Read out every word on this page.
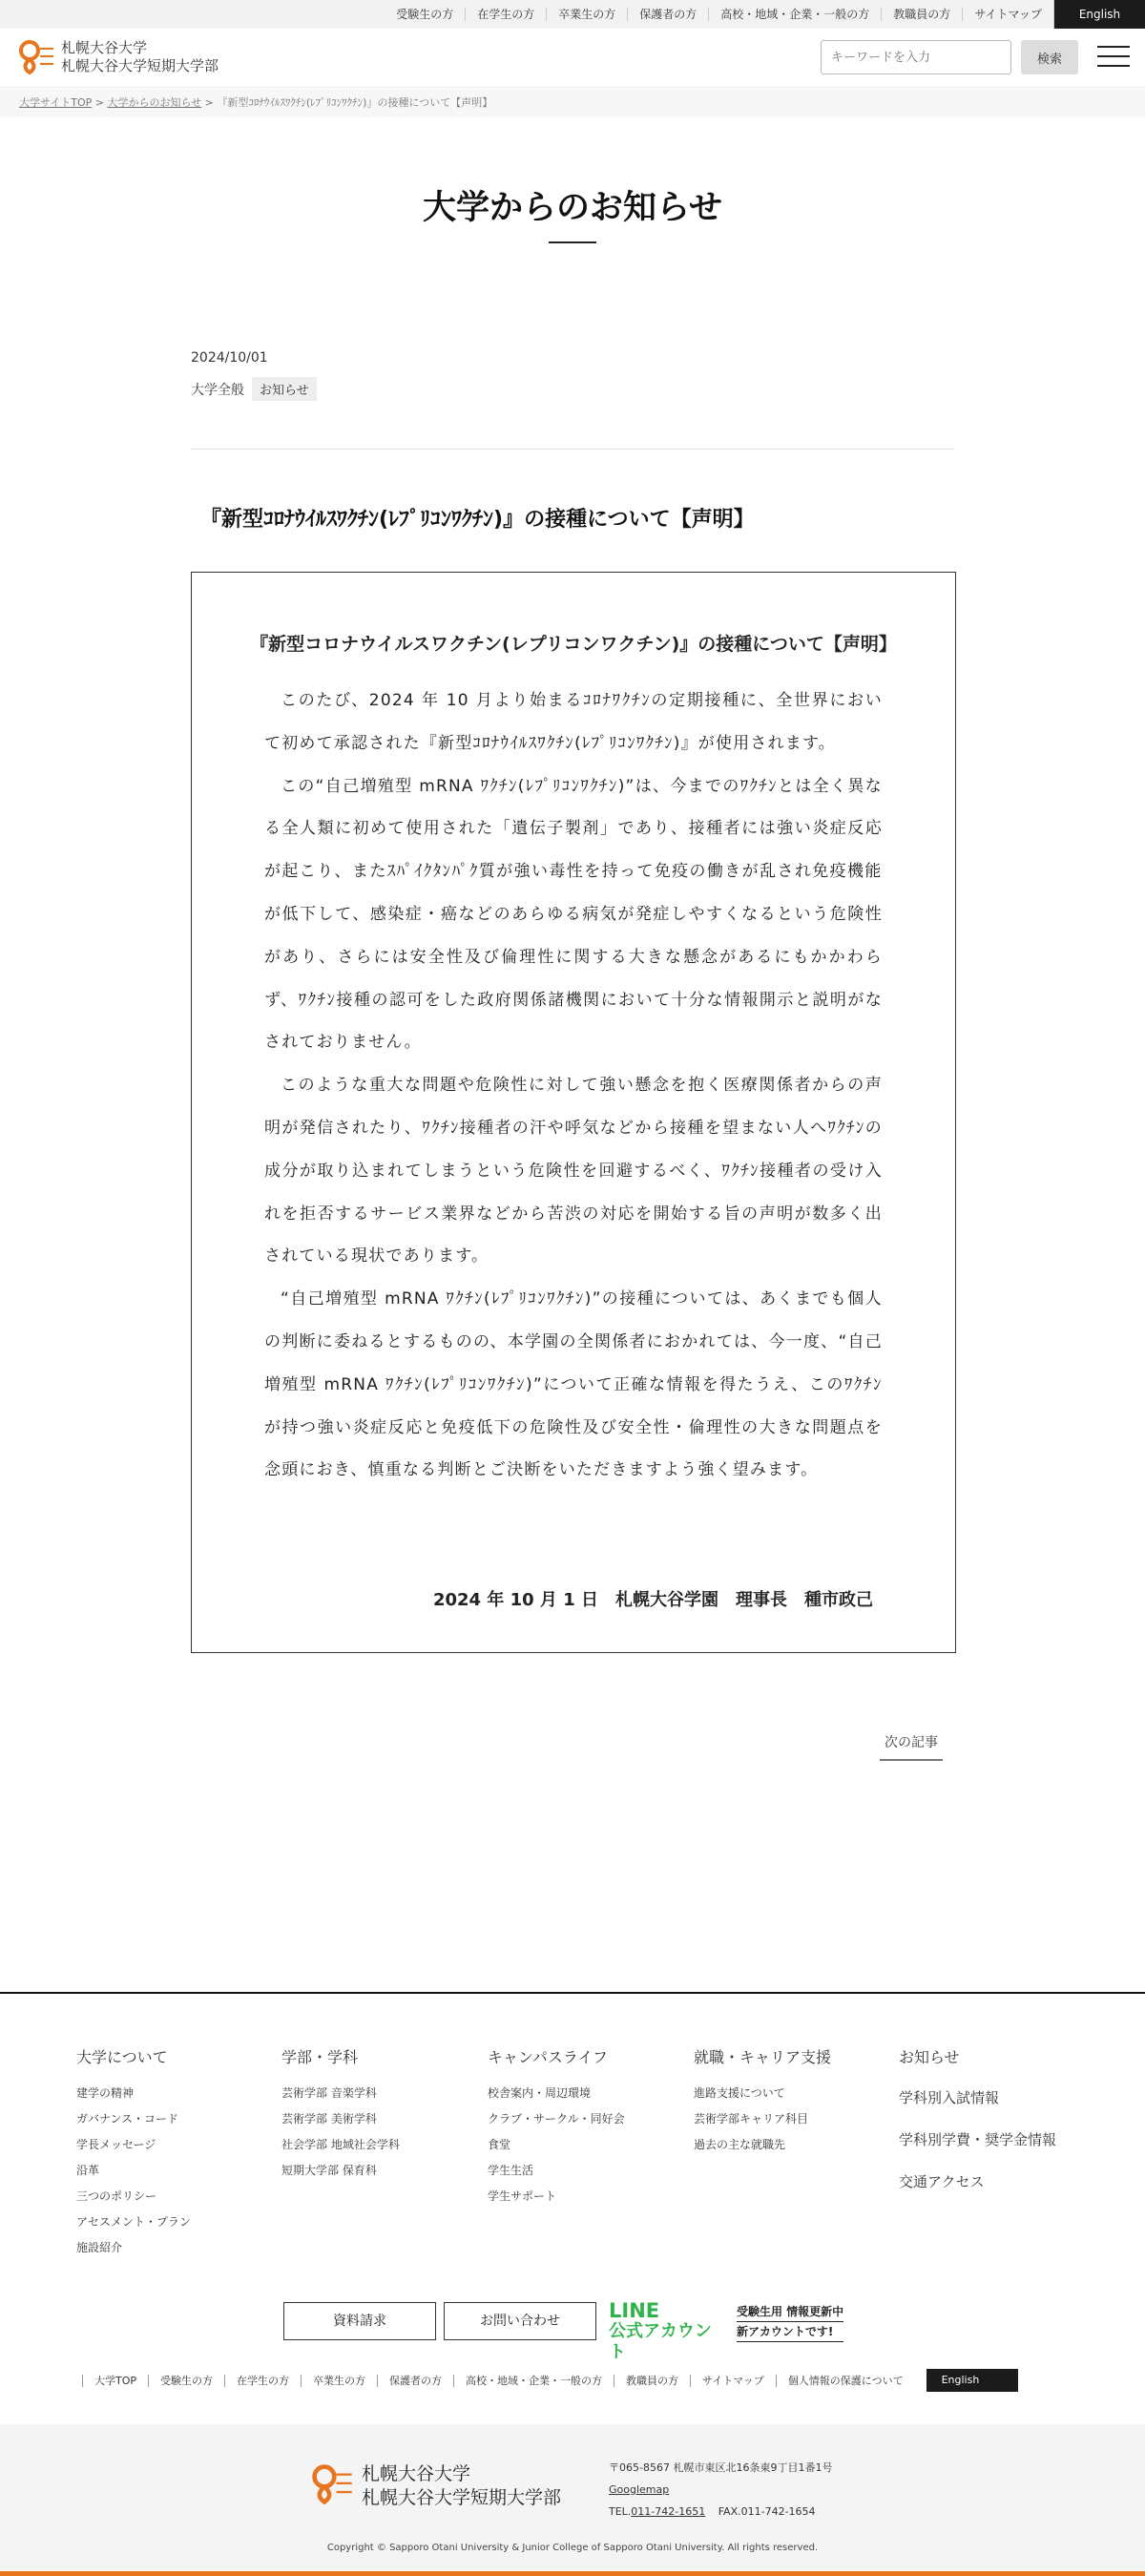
受験生の方	在学生の方	卒業生の方	保護者の方	高校・地域・企業・一般の方	教職員の方	サイトマップ	English
札幌大谷大学
札幌大谷大学短期大学部
キーワードを入力	検索
大学サイトTOP > 大学からのお知らせ > 『新型ｺﾛﾅｳｲﾙｽﾜｸﾁﾝ(ﾚﾌﾟﾘｺﾝﾜｸﾁﾝ)』の接種について【声明】
大学からのお知らせ
2024/10/01
大学全般	お知らせ
『新型ｺﾛﾅｳｲﾙｽﾜｸﾁﾝ(ﾚﾌﾟﾘｺﾝﾜｸﾁﾝ)』の接種について【声明】
『新型コロナウイルスワクチン(レプリコンワクチン)』の接種について【声明】

このたび、2024 年 10 月より始まるｺﾛﾅﾜｸﾁﾝの定期接種に、全世界において初めて承認された『新型ｺﾛﾅｳｲﾙｽﾜｸﾁﾝ(ﾚﾌﾟﾘｺﾝﾜｸﾁﾝ)』が使用されます。

この“自己増殖型 mRNA ﾜｸﾁﾝ(ﾚﾌﾟﾘｺﾝﾜｸﾁﾝ)”は、今までのﾜｸﾁﾝとは全く異なる全人類に初めて使用された「遺伝子製剤」であり、接種者には強い炎症反応が起こり、またｽﾊﾟｲｸﾀﾝﾊﾟｸ質が強い毒性を持って免疫の働きが乱され免疫機能が低下して、感染症・癌などのあらゆる病気が発症しやすくなるという危険性があり、さらには安全性及び倫理性に関する大きな懸念があるにもかかわらず、ﾜｸﾁﾝ接種の認可をした政府関係諸機関において十分な情報開示と説明がなされておりません。

このような重大な問題や危険性に対して強い懸念を抱く医療関係者からの声明が発信されたり、ﾜｸﾁﾝ接種者の汗や呼気などから接種を望まない人へﾜｸﾁﾝの成分が取り込まれてしまうという危険性を回避するべく、ﾜｸﾁﾝ接種者の受け入れを拒否するサービス業界などから苦渋の対応を開始する旨の声明が数多く出されている現状であります。

“自己増殖型 mRNA ﾜｸﾁﾝ(ﾚﾌﾟﾘｺﾝﾜｸﾁﾝ)”の接種については、あくまでも個人の判断に委ねるとするものの、本学園の全関係者におかれては、今一度、“自己増殖型 mRNA ﾜｸﾁﾝ(ﾚﾌﾟﾘｺﾝﾜｸﾁﾝ)”について正確な情報を得たうえ、このﾜｸﾁﾝが持つ強い炎症反応と免疫低下の危険性及び安全性・倫理性の大きな問題点を念頭におき、慎重なる判断とご決断をいただきますよう強く望みます。

2024 年 10 月 1 日　札幌大谷学園　理事長　種市政己
次の記事
大学について
建学の精神
ガバナンス・コード
学長メッセージ
沿革
三つのポリシー
アセスメント・プラン
施設紹介
学部・学科
芸術学部 音楽学科
芸術学部 美術学科
社会学部 地域社会学科
短期大学部 保育科
キャンパスライフ
校舎案内・周辺環境
クラブ・サークル・同好会
食堂
学生生活
学生サポート
就職・キャリア支援
進路支援について
芸術学部キャリア科目
過去の主な就職先
お知らせ
学科別入試情報
学科別学費・奨学金情報
交通アクセス
資料請求	お問い合わせ	LINE
公式アカウント
受験生用 情報更新中
新アカウントです!
大学TOP	受験生の方	在学生の方	卒業生の方	保護者の方	高校・地域・企業・一般の方	教職員の方	サイトマップ	個人情報の保護について	English
札幌大谷大学
札幌大谷大学短期大学部
〒065-8567 札幌市東区北16条東9丁目1番1号
Googlemap
TEL.011-742-1651 FAX.011-742-1654
Copyright © Sapporo Otani University & Junior College of Sapporo Otani University. All rights reserved.
